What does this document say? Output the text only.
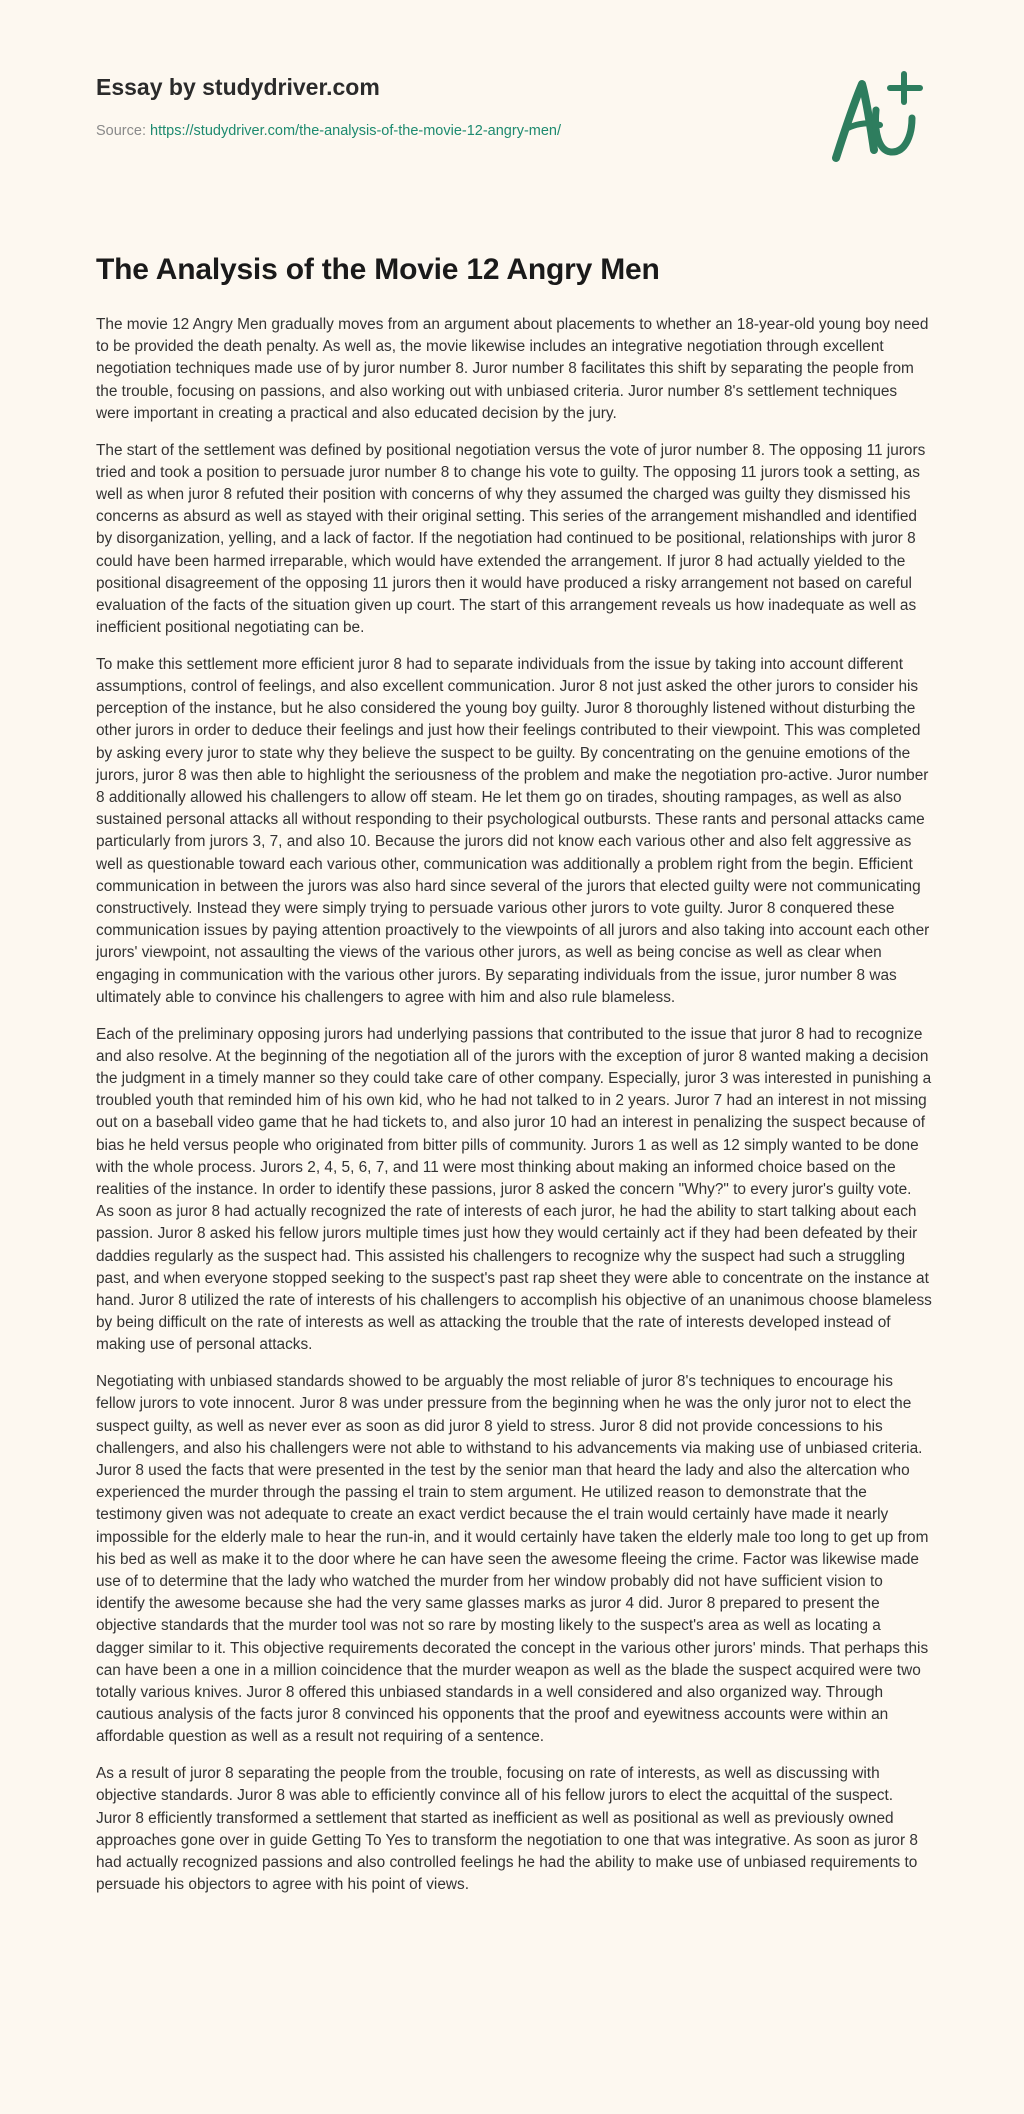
Essay by studydriver.com
Source: https://studydriver.com/the-analysis-of-the-movie-12-angry-men/
The Analysis of the Movie 12 Angry Men

The movie 12 Angry Men gradually moves from an argument about placements to whether an 18-year-old young boy need to be provided the death penalty. As well as, the movie likewise includes an integrative negotiation through excellent negotiation techniques made use of by juror number 8. Juror number 8 facilitates this shift by separating the people from the trouble, focusing on passions, and also working out with unbiased criteria. Juror number 8's settlement techniques were important in creating a practical and also educated decision by the jury.

The start of the settlement was defined by positional negotiation versus the vote of juror number 8. The opposing 11 jurors tried and took a position to persuade juror number 8 to change his vote to guilty. The opposing 11 jurors took a setting, as well as when juror 8 refuted their position with concerns of why they assumed the charged was guilty they dismissed his concerns as absurd as well as stayed with their original setting. This series of the arrangement mishandled and identified by disorganization, yelling, and a lack of factor. If the negotiation had continued to be positional, relationships with juror 8 could have been harmed irreparable, which would have extended the arrangement. If juror 8 had actually yielded to the positional disagreement of the opposing 11 jurors then it would have produced a risky arrangement not based on careful evaluation of the facts of the situation given up court. The start of this arrangement reveals us how inadequate as well as inefficient positional negotiating can be.

To make this settlement more efficient juror 8 had to separate individuals from the issue by taking into account different assumptions, control of feelings, and also excellent communication. Juror 8 not just asked the other jurors to consider his perception of the instance, but he also considered the young boy guilty. Juror 8 thoroughly listened without disturbing the other jurors in order to deduce their feelings and just how their feelings contributed to their viewpoint. This was completed by asking every juror to state why they believe the suspect to be guilty. By concentrating on the genuine emotions of the jurors, juror 8 was then able to highlight the seriousness of the problem and make the negotiation pro-active. Juror number 8 additionally allowed his challengers to allow off steam. He let them go on tirades, shouting rampages, as well as also sustained personal attacks all without responding to their psychological outbursts. These rants and personal attacks came particularly from jurors 3, 7, and also 10. Because the jurors did not know each various other and also felt aggressive as well as questionable toward each various other, communication was additionally a problem right from the begin. Efficient communication in between the jurors was also hard since several of the jurors that elected guilty were not communicating constructively. Instead they were simply trying to persuade various other jurors to vote guilty. Juror 8 conquered these communication issues by paying attention proactively to the viewpoints of all jurors and also taking into account each other jurors' viewpoint, not assaulting the views of the various other jurors, as well as being concise as well as clear when engaging in communication with the various other jurors. By separating individuals from the issue, juror number 8 was ultimately able to convince his challengers to agree with him and also rule blameless.

Each of the preliminary opposing jurors had underlying passions that contributed to the issue that juror 8 had to recognize and also resolve. At the beginning of the negotiation all of the jurors with the exception of juror 8 wanted making a decision the judgment in a timely manner so they could take care of other company. Especially, juror 3 was interested in punishing a troubled youth that reminded him of his own kid, who he had not talked to in 2 years. Juror 7 had an interest in not missing out on a baseball video game that he had tickets to, and also juror 10 had an interest in penalizing the suspect because of bias he held versus people who originated from bitter pills of community. Jurors 1 as well as 12 simply wanted to be done with the whole process. Jurors 2, 4, 5, 6, 7, and 11 were most thinking about making an informed choice based on the realities of the instance. In order to identify these passions, juror 8 asked the concern "Why?" to every juror's guilty vote. As soon as juror 8 had actually recognized the rate of interests of each juror, he had the ability to start talking about each passion. Juror 8 asked his fellow jurors multiple times just how they would certainly act if they had been defeated by their daddies regularly as the suspect had. This assisted his challengers to recognize why the suspect had such a struggling past, and when everyone stopped seeking to the suspect's past rap sheet they were able to concentrate on the instance at hand. Juror 8 utilized the rate of interests of his challengers to accomplish his objective of an unanimous choose blameless by being difficult on the rate of interests as well as attacking the trouble that the rate of interests developed instead of making use of personal attacks.

Negotiating with unbiased standards showed to be arguably the most reliable of juror 8's techniques to encourage his fellow jurors to vote innocent. Juror 8 was under pressure from the beginning when he was the only juror not to elect the suspect guilty, as well as never ever as soon as did juror 8 yield to stress. Juror 8 did not provide concessions to his challengers, and also his challengers were not able to withstand to his advancements via making use of unbiased criteria. Juror 8 used the facts that were presented in the test by the senior man that heard the lady and also the altercation who experienced the murder through the passing el train to stem argument. He utilized reason to demonstrate that the testimony given was not adequate to create an exact verdict because the el train would certainly have made it nearly impossible for the elderly male to hear the run-in, and it would certainly have taken the elderly male too long to get up from his bed as well as make it to the door where he can have seen the awesome fleeing the crime. Factor was likewise made use of to determine that the lady who watched the murder from her window probably did not have sufficient vision to identify the awesome because she had the very same glasses marks as juror 4 did. Juror 8 prepared to present the objective standards that the murder tool was not so rare by mosting likely to the suspect's area as well as locating a dagger similar to it. This objective requirements decorated the concept in the various other jurors' minds. That perhaps this can have been a one in a million coincidence that the murder weapon as well as the blade the suspect acquired were two totally various knives. Juror 8 offered this unbiased standards in a well considered and also organized way. Through cautious analysis of the facts juror 8 convinced his opponents that the proof and eyewitness accounts were within an affordable question as well as a result not requiring of a sentence.

As a result of juror 8 separating the people from the trouble, focusing on rate of interests, as well as discussing with objective standards. Juror 8 was able to efficiently convince all of his fellow jurors to elect the acquittal of the suspect. Juror 8 efficiently transformed a settlement that started as inefficient as well as positional as well as previously owned approaches gone over in guide Getting To Yes to transform the negotiation to one that was integrative. As soon as juror 8 had actually recognized passions and also controlled feelings he had the ability to make use of unbiased requirements to persuade his objectors to agree with his point of views.
